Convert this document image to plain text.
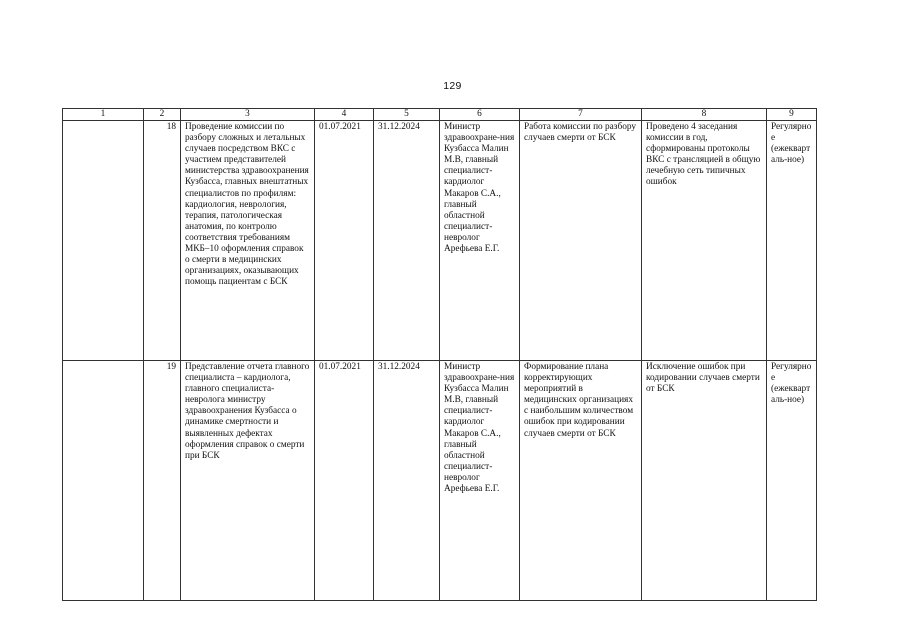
129
1	2	3	4	5	6	7	8	9
	18	Проведение комиссии по разбору сложных и летальных случаев посредством ВКС с участием представителей министерства здравоохранения Кузбасса, главных внештатных специалистов по профилям: кардиология, неврология, терапия, патологическая анатомия, по контролю соответствия требованиям МКБ–10 оформления справок о смерти в медицинских организациях, оказывающих помощь пациентам с БСК	01.07.2021	31.12.2024	Министр здравоохране-ния Кузбасса Малин М.В, главный специалист-кардиолог Макаров С.А., главный областной специалист-невролог Арефьева Е.Г.	Работа комиссии по разбору случаев смерти от БСК	Проведено 4 заседания комиссии в год, сформированы протоколы ВКС с трансляцией в общую лечебную сеть типичных ошибок	Регулярное (ежекварталь-ное)
	19	Представление отчета главного специалиста – кардиолога, главного специалиста-невролога министру здравоохранения Кузбасса о динамике смертности и выявленных дефектах оформления справок о смерти при БСК	01.07.2021	31.12.2024	Министр здравоохране-ния Кузбасса Малин М.В, главный специалист-кардиолог Макаров С.А., главный областной специалист-невролог Арефьева Е.Г.	Формирование плана корректирующих мероприятий в медицинских организациях с наибольшим количеством ошибок при кодировании случаев смерти от БСК	Исключение ошибок при кодировании случаев смерти от БСК	Регулярное (ежекварталь-ное)
